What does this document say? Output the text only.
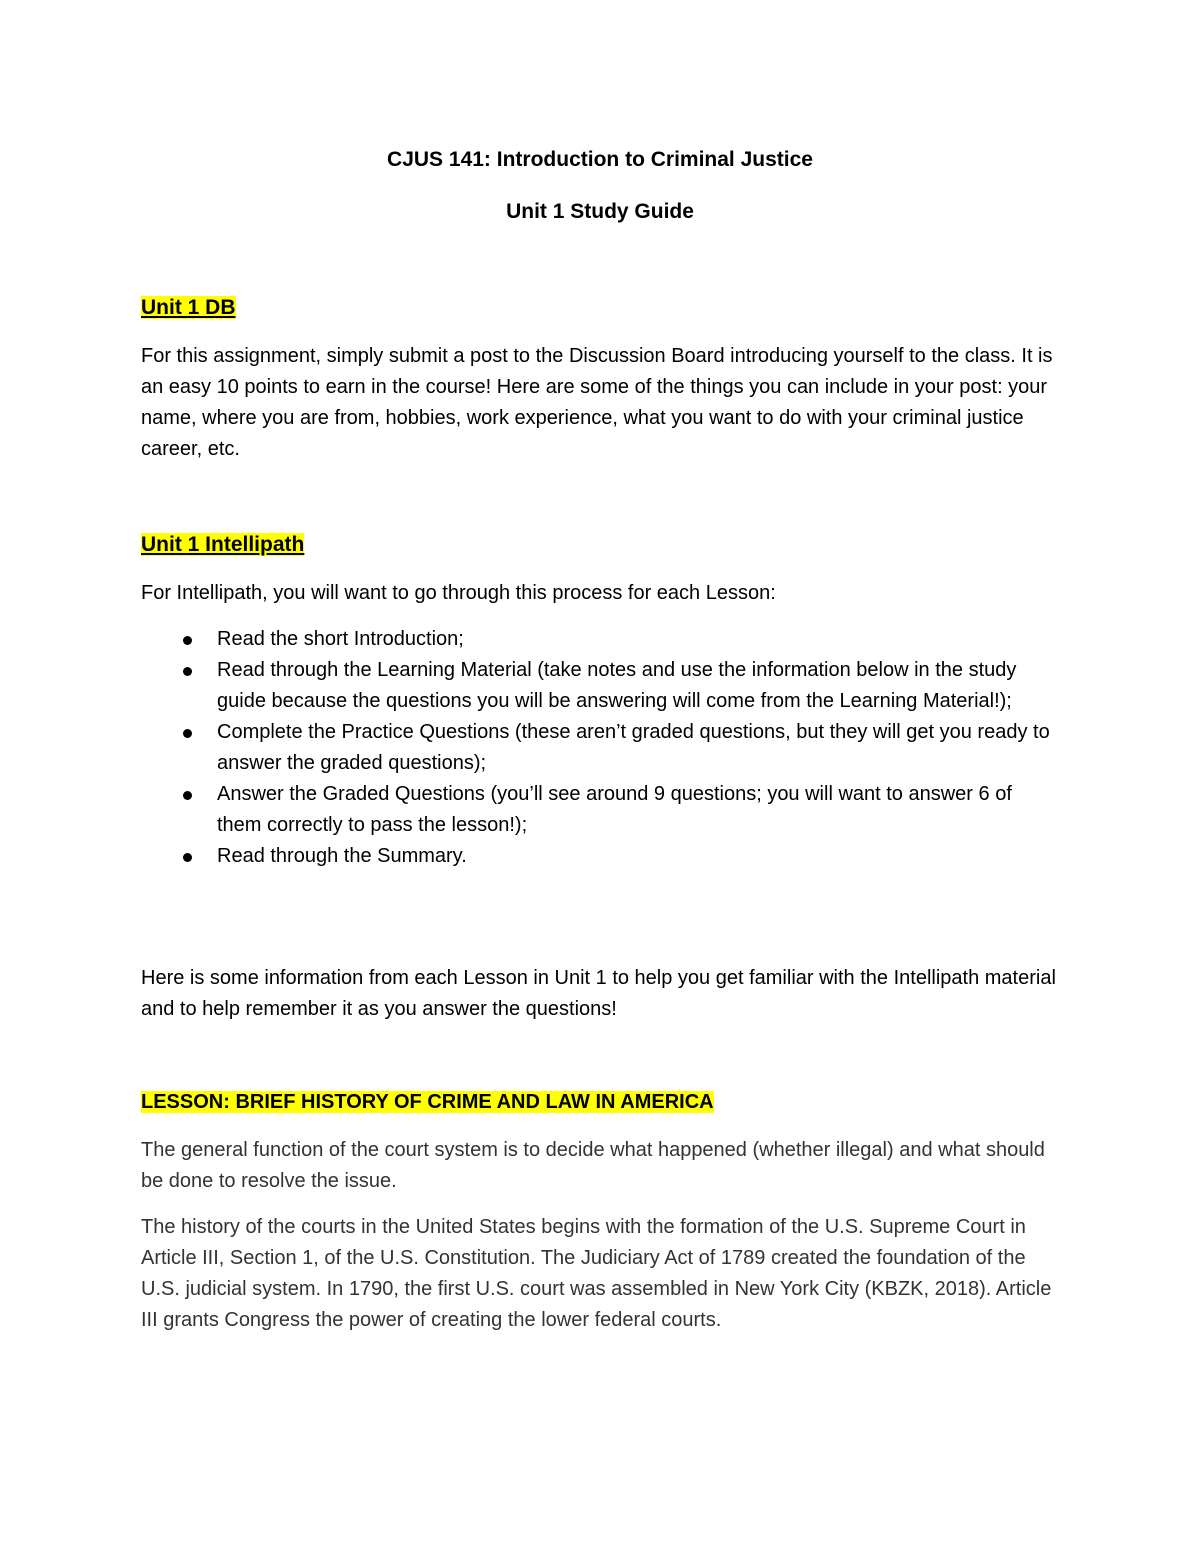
CJUS 141: Introduction to Criminal Justice

Unit 1 Study Guide

Unit 1 DB

For this assignment, simply submit a post to the Discussion Board introducing yourself to the class. It is an easy 10 points to earn in the course! Here are some of the things you can include in your post: your name, where you are from, hobbies, work experience, what you want to do with your criminal justice career, etc.

Unit 1 Intellipath

For Intellipath, you will want to go through this process for each Lesson:

Read the short Introduction;
Read through the Learning Material (take notes and use the information below in the study guide because the questions you will be answering will come from the Learning Material!);
Complete the Practice Questions (these aren’t graded questions, but they will get you ready to answer the graded questions);
Answer the Graded Questions (you’ll see around 9 questions; you will want to answer 6 of them correctly to pass the lesson!);
Read through the Summary.

Here is some information from each Lesson in Unit 1 to help you get familiar with the Intellipath material and to help remember it as you answer the questions!

LESSON: BRIEF HISTORY OF CRIME AND LAW IN AMERICA

The general function of the court system is to decide what happened (whether illegal) and what should be done to resolve the issue.

The history of the courts in the United States begins with the formation of the U.S. Supreme Court in Article III, Section 1, of the U.S. Constitution. The Judiciary Act of 1789 created the foundation of the U.S. judicial system. In 1790, the first U.S. court was assembled in New York City (KBZK, 2018). Article III grants Congress the power of creating the lower federal courts.
